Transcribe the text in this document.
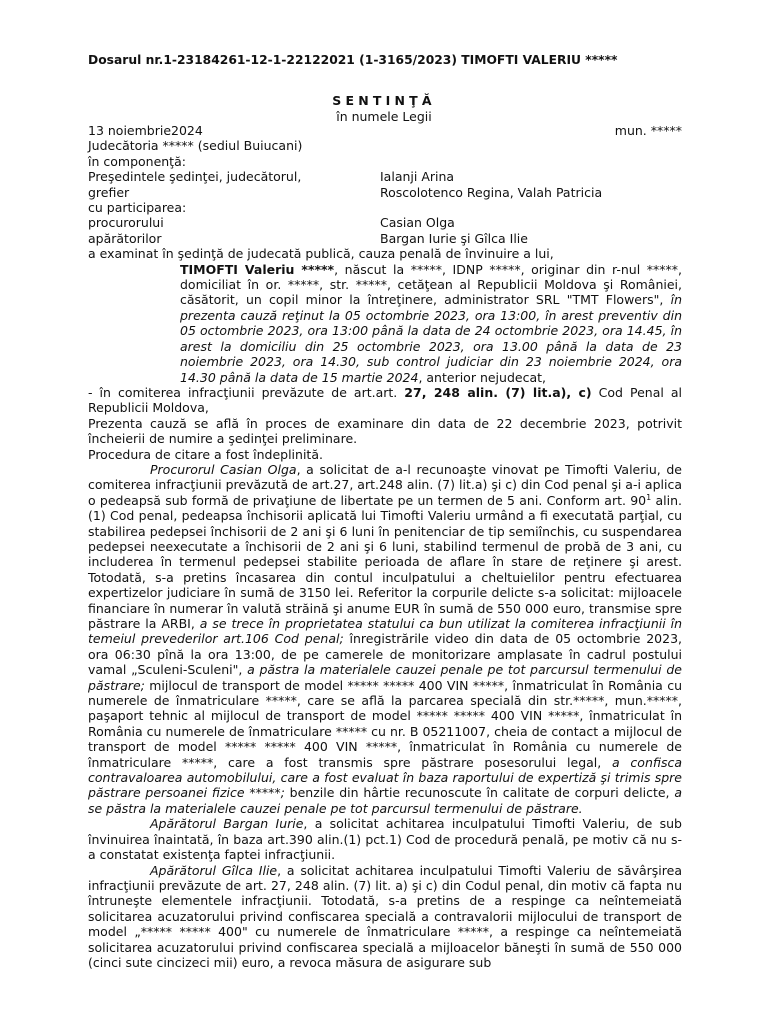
Dosarul nr.1-23184261-12-1-22122021 (1-3165/2023) TIMOFTI VALERIU *****
SENTINŢĂ
în numele Legii
13 noiembrie2024	mun. *****

Judecătoria ***** (sediul Buiucani)

în componenţă:

Preşedintele şedinţei, judecătorul,	Ialanji Arina
grefier	Roscolotenco Regina, Valah Patricia
cu participarea:
procurorului	Casian Olga
apărătorilor	Bargan Iurie şi Gîlca Ilie

a examinat în şedinţă de judecată publică, cauza penală de învinuire a lui,

TIMOFTI Valeriu *****, născut la *****, IDNP *****, originar din r-nul *****, domiciliat în or. *****, str. *****, cetăţean al Republicii Moldova şi României, căsătorit, un copil minor la întreţinere, administrator SRL "TMT Flowers", în prezenta cauză reţinut la 05 octombrie 2023, ora 13:00, în arest preventiv din 05 octombrie 2023, ora 13:00 până la data de 24 octombrie 2023, ora 14.45, în arest la domiciliu din 25 octombrie 2023, ora 13.00 până la data de 23 noiembrie 2023, ora 14.30, sub control judiciar din 23 noiembrie 2024, ora 14.30 până la data de 15 martie 2024, anterior nejudecat,

- în comiterea infracţiunii prevăzute de art.art. 27, 248 alin. (7) lit.a), c) Cod Penal al Republicii Moldova,

Prezenta cauză se află în proces de examinare din data de 22 decembrie 2023, potrivit încheierii de numire a şedinţei preliminare.

Procedura de citare a fost îndeplinită.

Procurorul Casian Olga, a solicitat de a-l recunoaşte vinovat pe Timofti Valeriu, de comiterea infracţiunii prevăzută de art.27, art.248 alin. (7) lit.a) şi c) din Cod penal şi a-i aplica o pedeapsă sub formă de privaţiune de libertate pe un termen de 5 ani. Conform art. $90^1$ alin. (1) Cod penal, pedeapsa închisorii aplicată lui Timofti Valeriu urmând a fi executată parţial, cu stabilirea pedepsei închisorii de 2 ani şi 6 luni în penitenciar de tip semiînchis, cu suspendarea pedepsei neexecutate a închisorii de 2 ani şi 6 luni, stabilind termenul de probă de 3 ani, cu includerea în termenul pedepsei stabilite perioada de aflare în stare de reţinere şi arest. Totodată, s-a pretins încasarea din contul inculpatului a cheltuielilor pentru efectuarea expertizelor judiciare în sumă de 3150 lei. Referitor la corpurile delicte s-a solicitat: mijloacele financiare în numerar în valută străină şi anume EUR în sumă de 550 000 euro, transmise spre păstrare la ARBI, a se trece în proprietatea statului ca bun utilizat la comiterea infracţiunii în temeiul prevederilor art.106 Cod penal; înregistrările video din data de 05 octombrie 2023, ora 06:30 pînă la ora 13:00, de pe camerele de monitorizare amplasate în cadrul postului vamal „Sculeni-Sculeni", a păstra la materialele cauzei penale pe tot parcursul termenului de păstrare; mijlocul de transport de model ***** ***** 400 VIN *****, înmatriculat în România cu numerele de înmatriculare *****, care se află la parcarea specială din str.*****, mun.*****, paşaport tehnic al mijlocul de transport de model ***** ***** 400 VIN *****, înmatriculat în România cu numerele de înmatriculare ***** cu nr. B 05211007, cheia de contact a mijlocul de transport de model ***** ***** 400 VIN *****, înmatriculat în România cu numerele de înmatriculare *****, care a fost transmis spre păstrare posesorului legal, a confisca contravaloarea automobilului, care a fost evaluat în baza raportului de expertiză şi trimis spre păstrare persoanei fizice *****; benzile din hârtie recunoscute în calitate de corpuri delicte, a se păstra la materialele cauzei penale pe tot parcursul termenului de păstrare.

Apărătorul Bargan Iurie, a solicitat achitarea inculpatului Timofti Valeriu, de sub învinuirea înaintată, în baza art.390 alin.(1) pct.1) Cod de procedură penală, pe motiv că nu s-a constatat existenţa faptei infracţiunii.

Apărătorul Gîlca Ilie, a solicitat achitarea inculpatului Timofti Valeriu de săvârşirea infracţiunii prevăzute de art. 27, 248 alin. (7) lit. a) şi c) din Codul penal, din motiv că fapta nu întruneşte elementele infracţiunii. Totodată, s-a pretins de a respinge ca neîntemeiată solicitarea acuzatorului privind confiscarea specială a contravalorii mijlocului de transport de model „***** ***** 400" cu numerele de înmatriculare *****, a respinge ca neîntemeiată solicitarea acuzatorului privind confiscarea specială a mijloacelor băneşti în sumă de 550 000 (cinci sute cincizeci mii) euro, a revoca măsura de asigurare sub
